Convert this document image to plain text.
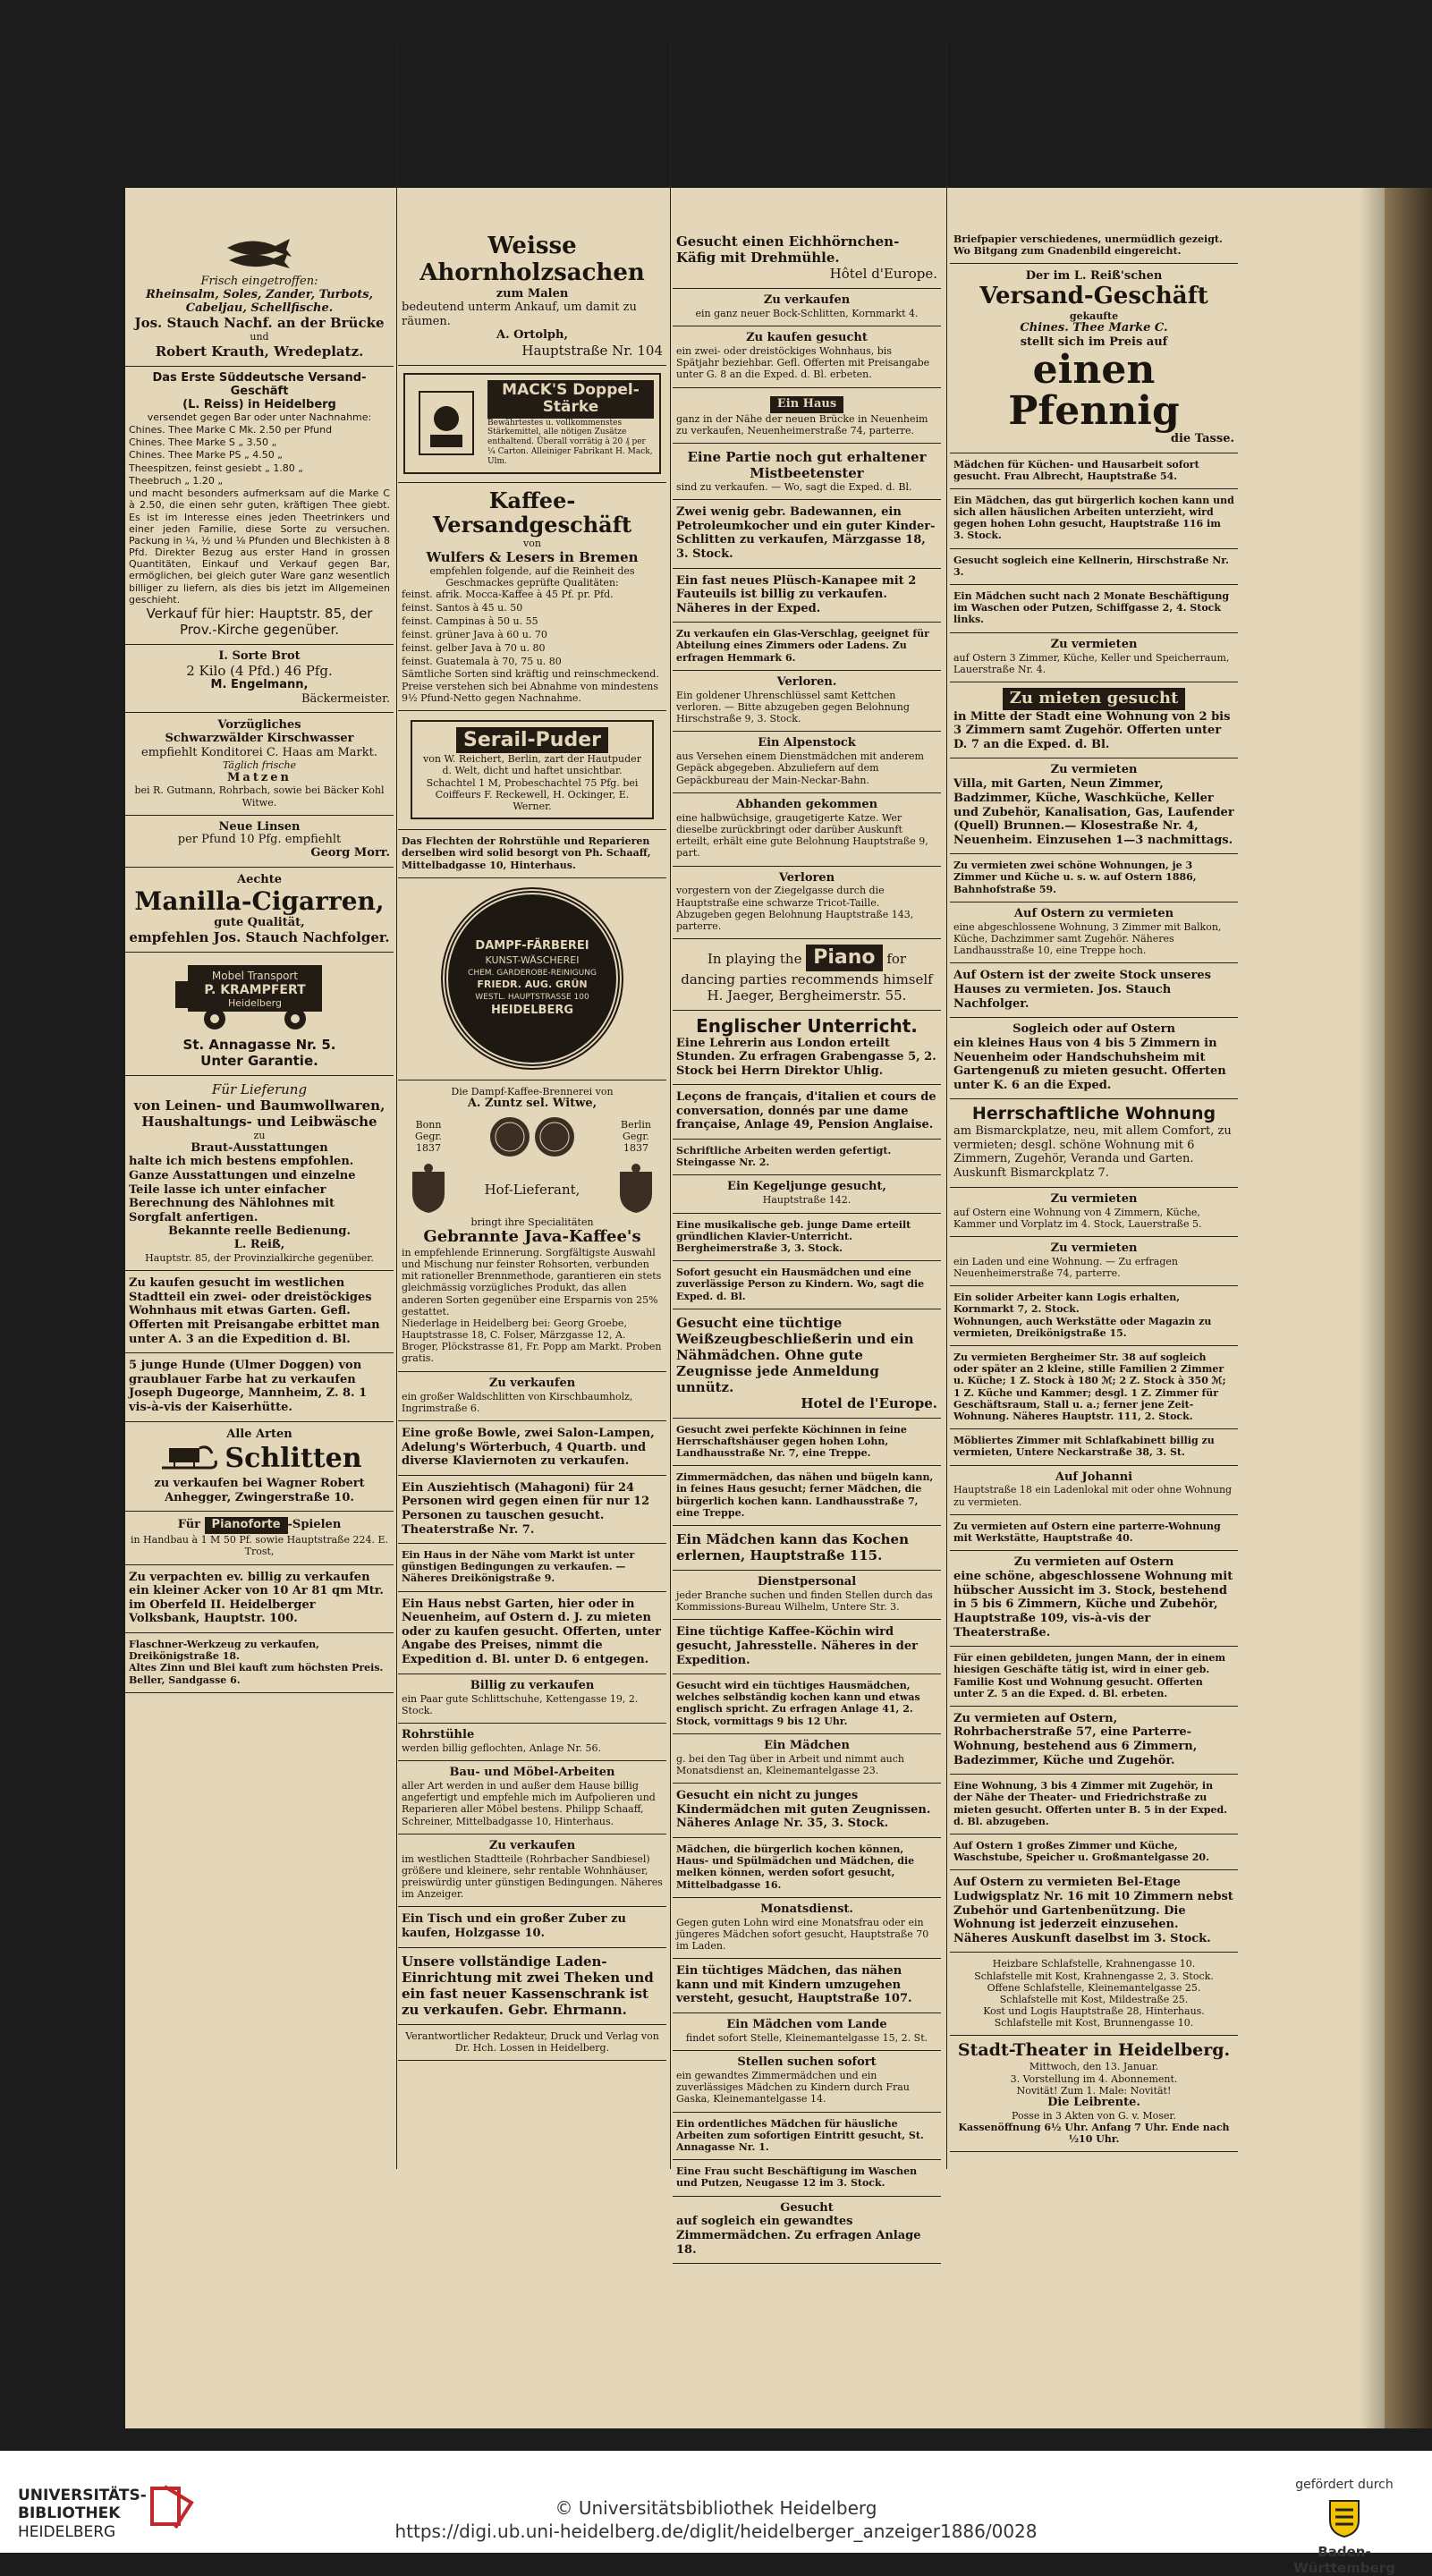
Frisch eingetroffen:

Rheinsalm, Soles, Zander, Turbots, Cabeljau, Schellfische.

Jos. Stauch Nachf. an der Brücke

und

Robert Krauth, Wredeplatz.

Das Erste Süddeutsche Versand-Geschäft

(L. Reiss) in Heidelberg

versendet gegen Bar oder unter Nachnahme:

Chines. Thee Marke C Mk. 2.50 per Pfund
Chines. Thee Marke S „ 3.50 „
Chines. Thee Marke PS „ 4.50 „
Theespitzen, feinst gesiebt „ 1.80 „
Theebruch „ 1.20 „

und macht besonders aufmerksam auf die Marke C à 2.50, die einen sehr guten, kräftigen Thee giebt. Es ist im Interesse eines jeden Theetrinkers und einer jeden Familie, diese Sorte zu versuchen. Packung in ¼, ½ und ⅛ Pfunden und Blechkisten à 8 Pfd. Direkter Bezug aus erster Hand in grossen Quantitäten, Einkauf und Verkauf gegen Bar, ermöglichen, bei gleich guter Ware ganz wesentlich billiger zu liefern, als dies bis jetzt im Allgemeinen geschieht.

Verkauf für hier: Hauptstr. 85, der Prov.-Kirche gegenüber.

I. Sorte Brot

2 Kilo (4 Pfd.) 46 Pfg.

M. Engelmann,

Bäckermeister.

Vorzügliches

Schwarzwälder Kirschwasser

empfiehlt Konditorei C. Haas am Markt.

Täglich frische

Matzen

bei R. Gutmann, Rohrbach, sowie bei Bäcker Kohl Witwe.

Neue Linsen

per Pfund 10 Pfg. empfiehlt

Georg Morr.

Aechte

Manilla-Cigarren,

gute Qualität,

empfehlen Jos. Stauch Nachfolger.

Mobel Transport
P. KRAMPFERT
Heidelberg

St. Annagasse Nr. 5.

Unter Garantie.

Für Lieferung

von Leinen- und Baumwollwaren, Haushaltungs- und Leibwäsche

zu

Braut-Ausstattungen

halte ich mich bestens empfohlen. Ganze Ausstattungen und einzelne Teile lasse ich unter einfacher Berechnung des Nählohnes mit Sorgfalt anfertigen.

Bekannte reelle Bedienung.

L. Reiß,

Hauptstr. 85, der Provinzialkirche gegenüber.

Zu kaufen gesucht im westlichen Stadtteil ein zwei- oder dreistöckiges Wohnhaus mit etwas Garten. Gefl. Offerten mit Preisangabe erbittet man unter A. 3 an die Expedition d. Bl.

5 junge Hunde (Ulmer Doggen) von graublauer Farbe hat zu verkaufen Joseph Dugeorge, Mannheim, Z. 8. 1 vis-à-vis der Kaiserhütte.

Alle Arten

Schlitten

zu verkaufen bei Wagner Robert Anhegger, Zwingerstraße 10.

Für Pianoforte -Spielen

in Handbau à 1 M 50 Pf. sowie Hauptstraße 224. E. Trost,

Zu verpachten ev. billig zu verkaufen ein kleiner Acker von 10 Ar 81 qm Mtr. im Oberfeld II. Heidelberger Volksbank, Hauptstr. 100.

Flaschner-Werkzeug zu verkaufen, Dreikönigstraße 18.

Altes Zinn und Blei kauft zum höchsten Preis. Beller, Sandgasse 6.

Weisse Ahornholzsachen

zum Malen

bedeutend unterm Ankauf, um damit zu räumen.

A. Ortolph,

Hauptstraße Nr. 104

MACK'S Doppel-Stärke

Bewährtestes u. vollkommenstes Stärkemittel, alle nötigen Zusätze enthaltend. Überall vorrätig à 20 ₰ per ¼ Carton. Alleiniger Fabrikant H. Mack, Ulm.

Kaffee-Versandgeschäft

von

Wulfers & Lesers in Bremen

empfehlen folgende, auf die Reinheit des Geschmackes geprüfte Qualitäten:

feinst. afrik. Mocca-Kaffee à 45 Pf. pr. Pfd.
feinst. Santos à 45 u. 50
feinst. Campinas à 50 u. 55
feinst. grüner Java à 60 u. 70
feinst. gelber Java à 70 u. 80
feinst. Guatemala à 70, 75 u. 80

Sämtliche Sorten sind kräftig und reinschmeckend. Preise verstehen sich bei Abnahme von mindestens 9½ Pfund-Netto gegen Nachnahme.

Serail-Puder

von W. Reichert, Berlin, zart der Hautpuder d. Welt, dicht und haftet unsichtbar. Schachtel 1 M, Probeschachtel 75 Pfg. bei Coiffeurs F. Reckewell, H. Ockinger, E. Werner.

Das Flechten der Rohrstühle und Reparieren derselben wird solid besorgt von Ph. Schaaff, Mittelbadgasse 10, Hinterhaus.

DAMPF-FÄRBEREI
KUNST-WÄSCHEREI
CHEM. GARDEROBE-REINIGUNG
FRIEDR. AUG. GRÜN
WESTL. HAUPTSTRASSE 100
HEIDELBERG

Die Dampf-Kaffee-Brennerei von

A. Zuntz sel. Witwe,

Bonn Gegr. 1837

Berlin Gegr. 1837

Hof-Lieferant,

bringt ihre Specialitäten

Gebrannte Java-Kaffee's

in empfehlende Erinnerung. Sorgfältigste Auswahl und Mischung nur feinster Rohsorten, verbunden mit rationeller Brennmethode, garantieren ein stets gleichmässig vorzügliches Produkt, das allen anderen Sorten gegenüber eine Ersparnis von 25% gestattet.

Niederlage in Heidelberg bei: Georg Groebe, Hauptstrasse 18, C. Folser, Märzgasse 12, A. Broger, Plöckstrasse 81, Fr. Popp am Markt. Proben gratis.

Zu verkaufen

ein großer Waldschlitten von Kirschbaumholz, Ingrimstraße 6.

Eine große Bowle, zwei Salon-Lampen, Adelung's Wörterbuch, 4 Quartb. und diverse Klaviernoten zu verkaufen.

Ein Ausziehtisch (Mahagoni) für 24 Personen wird gegen einen für nur 12 Personen zu tauschen gesucht. Theaterstraße Nr. 7.

Ein Haus in der Nähe vom Markt ist unter günstigen Bedingungen zu verkaufen. — Näheres Dreikönigstraße 9.

Ein Haus nebst Garten, hier oder in Neuenheim, auf Ostern d. J. zu mieten oder zu kaufen gesucht. Offerten, unter Angabe des Preises, nimmt die Expedition d. Bl. unter D. 6 entgegen.

Billig zu verkaufen

ein Paar gute Schlittschuhe, Kettengasse 19, 2. Stock.

Rohrstühle

werden billig geflochten, Anlage Nr. 56.

Bau- und Möbel-Arbeiten

aller Art werden in und außer dem Hause billig angefertigt und empfehle mich im Aufpolieren und Reparieren aller Möbel bestens. Philipp Schaaff, Schreiner, Mittelbadgasse 10, Hinterhaus.

Zu verkaufen

im westlichen Stadtteile (Rohrbacher Sandbiesel) größere und kleinere, sehr rentable Wohnhäuser, preiswürdig unter günstigen Bedingungen. Näheres im Anzeiger.

Ein Tisch und ein großer Zuber zu kaufen, Holzgasse 10.

Unsere vollständige Laden-Einrichtung mit zwei Theken und ein fast neuer Kassenschrank ist zu verkaufen. Gebr. Ehrmann.

Verantwortlicher Redakteur, Druck und Verlag von Dr. Hch. Lossen in Heidelberg.

Gesucht einen Eichhörnchen-Käfig mit Drehmühle.

Hôtel d'Europe.

Zu verkaufen

ein ganz neuer Bock-Schlitten, Kornmarkt 4.

Zu kaufen gesucht

ein zwei- oder dreistöckiges Wohnhaus, bis Spätjahr beziehbar. Gefl. Offerten mit Preisangabe unter G. 8 an die Exped. d. Bl. erbeten.

Ein Haus

ganz in der Nähe der neuen Brücke in Neuenheim zu verkaufen, Neuenheimerstraße 74, parterre.

Eine Partie noch gut erhaltener Mistbeetenster

sind zu verkaufen. — Wo, sagt die Exped. d. Bl.

Zwei wenig gebr. Badewannen, ein Petroleumkocher und ein guter Kinder-Schlitten zu verkaufen, Märzgasse 18, 3. Stock.

Ein fast neues Plüsch-Kanapee mit 2 Fauteuils ist billig zu verkaufen. Näheres in der Exped.

Zu verkaufen ein Glas-Verschlag, geeignet für Abteilung eines Zimmers oder Ladens. Zu erfragen Hemmark 6.

Verloren.

Ein goldener Uhrenschlüssel samt Kettchen verloren. — Bitte abzugeben gegen Belohnung Hirschstraße 9, 3. Stock.

Ein Alpenstock

aus Versehen einem Dienstmädchen mit anderem Gepäck abgegeben. Abzuliefern auf dem Gepäckbureau der Main-Neckar-Bahn.

Abhanden gekommen

eine halbwüchsige, graugetigerte Katze. Wer dieselbe zurückbringt oder darüber Auskunft erteilt, erhält eine gute Belohnung Hauptstraße 9, part.

Verloren

vorgestern von der Ziegelgasse durch die Hauptstraße eine schwarze Tricot-Taille. Abzugeben gegen Belohnung Hauptstraße 143, parterre.

In playing the Piano for

dancing parties recommends himself

H. Jaeger, Bergheimerstr. 55.

Englischer Unterricht.

Eine Lehrerin aus London erteilt Stunden. Zu erfragen Grabengasse 5, 2. Stock bei Herrn Direktor Uhlig.

Leçons de français, d'italien et cours de conversation, donnés par une dame française, Anlage 49, Pension Anglaise.

Schriftliche Arbeiten werden gefertigt. Steingasse Nr. 2.

Ein Kegeljunge gesucht,

Hauptstraße 142.

Eine musikalische geb. junge Dame erteilt gründlichen Klavier-Unterricht. Bergheimerstraße 3, 3. Stock.

Sofort gesucht ein Hausmädchen und eine zuverlässige Person zu Kindern. Wo, sagt die Exped. d. Bl.

Gesucht eine tüchtige Weißzeugbeschließerin und ein Nähmädchen. Ohne gute Zeugnisse jede Anmeldung unnütz.

Hotel de l'Europe.

Gesucht zwei perfekte Köchinnen in feine Herrschaftshäuser gegen hohen Lohn, Landhausstraße Nr. 7, eine Treppe.

Zimmermädchen, das nähen und bügeln kann, in feines Haus gesucht; ferner Mädchen, die bürgerlich kochen kann. Landhausstraße 7, eine Treppe.

Ein Mädchen kann das Kochen erlernen, Hauptstraße 115.

Dienstpersonal

jeder Branche suchen und finden Stellen durch das Kommissions-Bureau Wilhelm, Untere Str. 3.

Eine tüchtige Kaffee-Köchin wird gesucht, Jahresstelle. Näheres in der Expedition.

Gesucht wird ein tüchtiges Hausmädchen, welches selbständig kochen kann und etwas englisch spricht. Zu erfragen Anlage 41, 2. Stock, vormittags 9 bis 12 Uhr.

Ein Mädchen

g. bei den Tag über in Arbeit und nimmt auch Monatsdienst an, Kleinemantelgasse 23.

Gesucht ein nicht zu junges Kindermädchen mit guten Zeugnissen. Näheres Anlage Nr. 35, 3. Stock.

Mädchen, die bürgerlich kochen können, Haus- und Spülmädchen und Mädchen, die melken können, werden sofort gesucht, Mittelbadgasse 16.

Monatsdienst.

Gegen guten Lohn wird eine Monatsfrau oder ein jüngeres Mädchen sofort gesucht, Hauptstraße 70 im Laden.

Ein tüchtiges Mädchen, das nähen kann und mit Kindern umzugehen versteht, gesucht, Hauptstraße 107.

Ein Mädchen vom Lande

findet sofort Stelle, Kleinemantelgasse 15, 2. St.

Stellen suchen sofort

ein gewandtes Zimmermädchen und ein zuverlässiges Mädchen zu Kindern durch Frau Gaska, Kleinemantelgasse 14.

Ein ordentliches Mädchen für häusliche Arbeiten zum sofortigen Eintritt gesucht, St. Annagasse Nr. 1.

Eine Frau sucht Beschäftigung im Waschen und Putzen, Neugasse 12 im 3. Stock.

Gesucht

auf sogleich ein gewandtes Zimmermädchen. Zu erfragen Anlage 18.

Briefpapier verschiedenes, unermüdlich gezeigt. Wo Bitgang zum Gnadenbild eingereicht.

Der im L. Reiß'schen

Versand-Geschäft

gekaufte

Chines. Thee Marke C.

stellt sich im Preis auf

einen Pfennig

die Tasse.

Mädchen für Küchen- und Hausarbeit sofort gesucht. Frau Albrecht, Hauptstraße 54.

Ein Mädchen, das gut bürgerlich kochen kann und sich allen häuslichen Arbeiten unterzieht, wird gegen hohen Lohn gesucht, Hauptstraße 116 im 3. Stock.

Gesucht sogleich eine Kellnerin, Hirschstraße Nr. 3.

Ein Mädchen sucht nach 2 Monate Beschäftigung im Waschen oder Putzen, Schiffgasse 2, 4. Stock links.

Zu vermieten

auf Ostern 3 Zimmer, Küche, Keller und Speicherraum, Lauerstraße Nr. 4.

Zu mieten gesucht

in Mitte der Stadt eine Wohnung von 2 bis 3 Zimmern samt Zugehör. Offerten unter D. 7 an die Exped. d. Bl.

Zu vermieten

Villa, mit Garten, Neun Zimmer, Badzimmer, Küche, Waschküche, Keller und Zubehör, Kanalisation, Gas, Laufender (Quell) Brunnen.— Klosestraße Nr. 4, Neuenheim. Einzusehen 1—3 nachmittags.

Zu vermieten zwei schöne Wohnungen, je 3 Zimmer und Küche u. s. w. auf Ostern 1886, Bahnhofstraße 59.

Auf Ostern zu vermieten

eine abgeschlossene Wohnung, 3 Zimmer mit Balkon, Küche, Dachzimmer samt Zugehör. Näheres Landhausstraße 10, eine Treppe hoch.

Auf Ostern ist der zweite Stock unseres Hauses zu vermieten. Jos. Stauch Nachfolger.

Sogleich oder auf Ostern

ein kleines Haus von 4 bis 5 Zimmern in Neuenheim oder Handschuhsheim mit Gartengenuß zu mieten gesucht. Offerten unter K. 6 an die Exped.

Herrschaftliche Wohnung

am Bismarckplatze, neu, mit allem Comfort, zu vermieten; desgl. schöne Wohnung mit 6 Zimmern, Zugehör, Veranda und Garten. Auskunft Bismarckplatz 7.

Zu vermieten

auf Ostern eine Wohnung von 4 Zimmern, Küche, Kammer und Vorplatz im 4. Stock, Lauerstraße 5.

Zu vermieten

ein Laden und eine Wohnung. — Zu erfragen Neuenheimerstraße 74, parterre.

Ein solider Arbeiter kann Logis erhalten, Kornmarkt 7, 2. Stock.

Wohnungen, auch Werkstätte oder Magazin zu vermieten, Dreikönigstraße 15.

Zu vermieten Bergheimer Str. 38 auf sogleich oder später an 2 kleine, stille Familien 2 Zimmer u. Küche; 1 Z. Stock à 180 ℳ; 2 Z. Stock à 350 ℳ; 1 Z. Küche und Kammer; desgl. 1 Z. Zimmer für Geschäftsraum, Stall u. a.; ferner jene Zeit-Wohnung. Näheres Hauptstr. 111, 2. Stock.

Möbliertes Zimmer mit Schlafkabinett billig zu vermieten, Untere Neckarstraße 38, 3. St.

Auf Johanni

Hauptstraße 18 ein Ladenlokal mit oder ohne Wohnung zu vermieten.

Zu vermieten auf Ostern eine parterre-Wohnung mit Werkstätte, Hauptstraße 40.

Zu vermieten auf Ostern

eine schöne, abgeschlossene Wohnung mit hübscher Aussicht im 3. Stock, bestehend in 5 bis 6 Zimmern, Küche und Zubehör, Hauptstraße 109, vis-à-vis der Theaterstraße.

Für einen gebildeten, jungen Mann, der in einem hiesigen Geschäfte tätig ist, wird in einer geb. Familie Kost und Wohnung gesucht. Offerten unter Z. 5 an die Exped. d. Bl. erbeten.

Zu vermieten auf Ostern, Rohrbacherstraße 57, eine Parterre-Wohnung, bestehend aus 6 Zimmern, Badezimmer, Küche und Zugehör.

Eine Wohnung, 3 bis 4 Zimmer mit Zugehör, in der Nähe der Theater- und Friedrichstraße zu mieten gesucht. Offerten unter B. 5 in der Exped. d. Bl. abzugeben.

Auf Ostern 1 großes Zimmer und Küche, Waschstube, Speicher u. Großmantelgasse 20.

Auf Ostern zu vermieten Bel-Etage Ludwigsplatz Nr. 16 mit 10 Zimmern nebst Zubehör und Gartenbenützung. Die Wohnung ist jederzeit einzusehen. Näheres Auskunft daselbst im 3. Stock.

Heizbare Schlafstelle, Krahnengasse 10.

Schlafstelle mit Kost, Krahnengasse 2, 3. Stock.

Offene Schlafstelle, Kleinemantelgasse 25.

Schlafstelle mit Kost, Mildestraße 25.

Kost und Logis Hauptstraße 28, Hinterhaus.

Schlafstelle mit Kost, Brunnengasse 10.

Stadt-Theater in Heidelberg.

Mittwoch, den 13. Januar.

3. Vorstellung im 4. Abonnement.

Novität! Zum 1. Male: Novität!

Die Leibrente.

Posse in 3 Akten von G. v. Moser.

Kassenöffnung 6½ Uhr. Anfang 7 Uhr. Ende nach ½10 Uhr.

UNIVERSITÄTS-
BIBLIOTHEK
HEIDELBERG
© Universitätsbibliothek Heidelberg
https://digi.ub.uni-heidelberg.de/diglit/heidelberger_anzeiger1886/0028
gefördert durch
Baden-Württemberg
